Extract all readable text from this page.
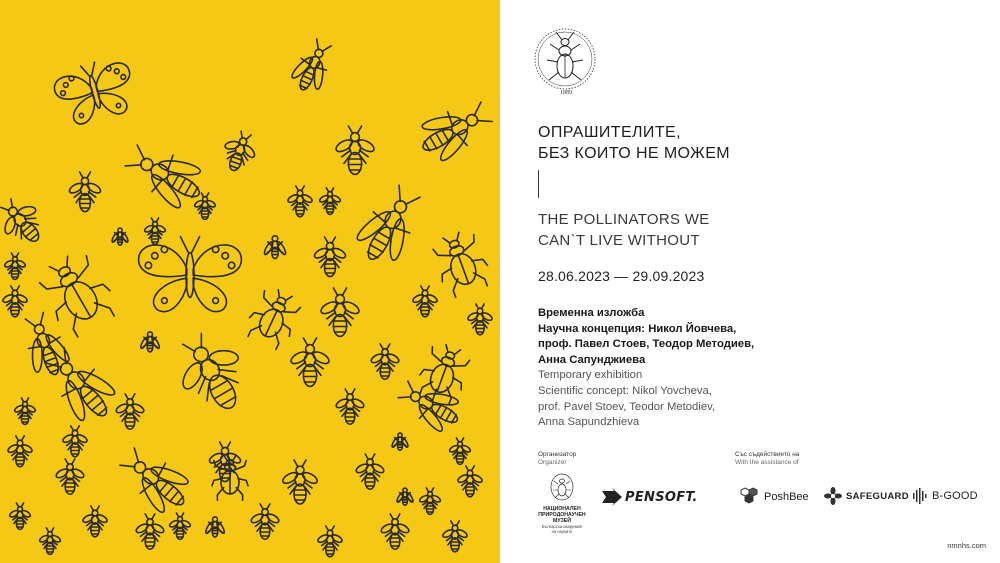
1889
ОПРАШИТЕЛИТЕ,
БЕЗ КОИТО НЕ МОЖЕМ
THE POLLINATORS WE
CAN`T LIVE WITHOUT
28.06.2023 — 29.09.2023
Временна изложба
Научна концепция: Никол Йовчева,
проф. Павел Стоев, Теодор Методиев,
Анна Сапунджиева
Temporary exhibition
Scientific concept: Nikol Yovcheva,
prof. Pavel Stoev, Teodor Metodiev,
Anna Sapundzhieva
Организатор
Organizer
Със съдействието на
With the assistance of
НАЦИОНАЛЕН
ПРИРОДОНАУЧЕН
МУЗЕЙ
Българска академия
на науките
PENSOFT.	PoshBee	SAFEGUARD B-GOOD
nmnhs.com
